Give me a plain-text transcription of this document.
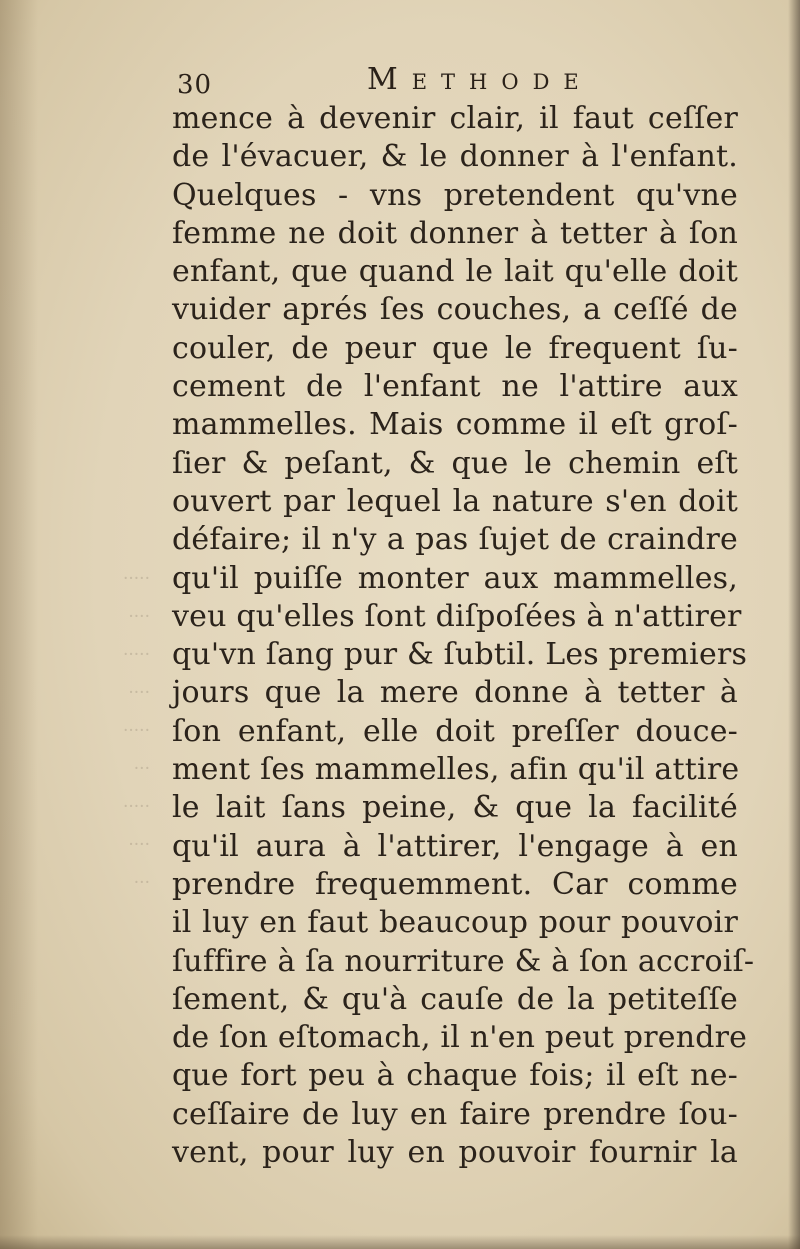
·····
····
·····
····
·····
···
·····
····
···
30	Methode
mence à devenir clair, il faut ceſſer
de l'évacuer, & le donner à l'enfant.
Quelques - vns pretendent qu'vne
femme ne doit donner à tetter à ſon
enfant, que quand le lait qu'elle doit
vuider aprés ſes couches, a ceſſé de
couler, de peur que le frequent ſu-
cement de l'enfant ne l'attire aux
mammelles. Mais comme il eſt groſ-
ſier & peſant, & que le chemin eſt
ouvert par lequel la nature s'en doit
défaire; il n'y a pas ſujet de craindre
qu'il puiſſe monter aux mammelles,
veu qu'elles ſont diſpoſées à n'attirer
qu'vn ſang pur & ſubtil. Les premiers
jours que la mere donne à tetter à
ſon enfant, elle doit preſſer douce-
ment ſes mammelles, afin qu'il attire
le lait ſans peine, & que la facilité
qu'il aura à l'attirer, l'engage à en
prendre frequemment. Car comme
il luy en faut beaucoup pour pouvoir
ſuffire à ſa nourriture & à ſon accroiſ-
ſement, & qu'à cauſe de la petiteſſe
de ſon eſtomach, il n'en peut prendre
que fort peu à chaque fois; il eſt ne-
ceſſaire de luy en faire prendre ſou-
vent, pour luy en pouvoir fournir la
